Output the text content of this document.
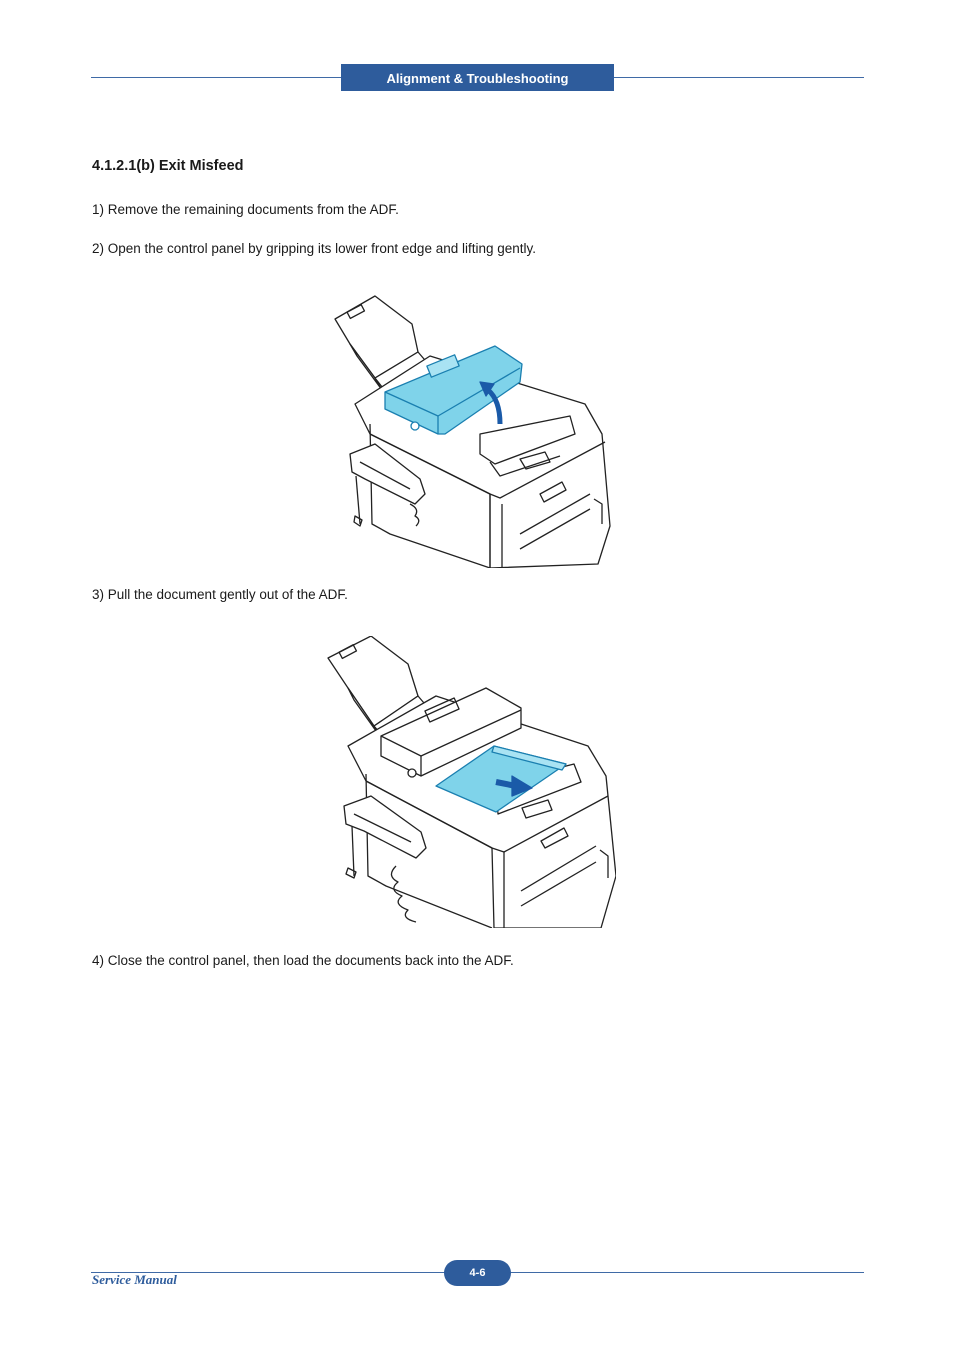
Alignment & Troubleshooting
4.1.2.1(b) Exit Misfeed
1) Remove the remaining documents from the ADF.
2) Open the control panel by gripping its lower front edge and lifting gently.
3) Pull the document gently out of the ADF.
4) Close the control panel, then load the documents back into the ADF.
4-6
Service Manual
